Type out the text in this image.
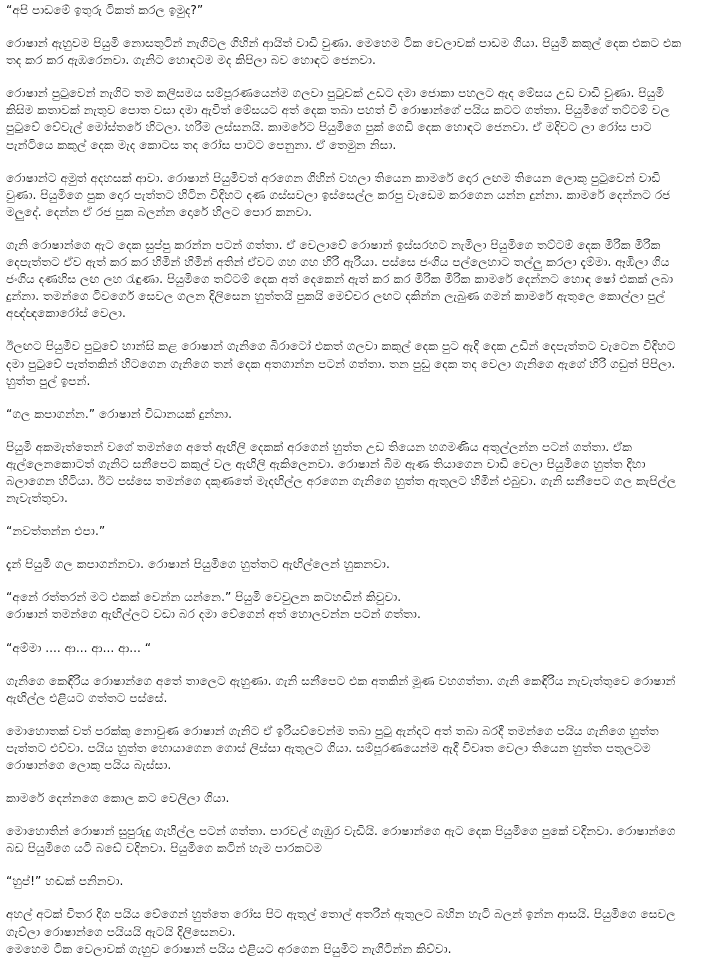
“අපි පාඩමේ ඉතුරු ටිකත් කරල ඉමුද?”

රොෂාන් ඇහුවම පියුමි නොසතුටින් නැගිටල ගිහින් ආයිත් වාඩි වුණා. මෙහෙම ටික වෙලාවක් පාඩම ගියා. පියුමි කකුල් දෙක එකට එක තද කර කර ඇඹරෙනවා. ගැනිට හොඳටම මද කිපිලා බව හොඳට ජෙනවා.

රොෂාන් පුටුවෙන් නැගිට තම කලිසමය සම්පූරණයෙන්ම ගලවා පුටුවක් උඩට දමා ජොකා පහලට ඇද මේසය උඩ වාඩි වුණා. පියුමි කිසිම කතාවක් නැතුව පොත වසා දමා ඇවිත් මේසයට අත් දෙක තබා පහත් වී රොෂාන්ගේ පයිය කටට ගත්තා. පියුමිගේ තට්ටම් වල පුටුවේ වේවැල් මෝස්තරේ හිටලා. හරිම ලස්සනයි. කාමරේට පියුමිගෙ පුක් ගෙඩි දෙක හොඳට ජෙනවා. ඒ මදිවට ලා රෝස පාට පැන්ටියෙ කකුල් දෙක මැද කොටස තද රෝස පාටට පෙනුනා. ඒ තෙමුන නිසා.

රොෂාන්ට අමුත් අදහසක් ආවා. රොෂාන් පියුමිවත් අරගෙන ගිහින් වහලා තියෙන කාමරේ දොර ලඟම තියෙන ලොකු පුටුවෙන් වාඩි වුණා. පියුමිගෙ පුක දොර පැත්තට හිටින විදිහට දණ ගස්සවලා ඉස්සෙල්ල කරපු වැඩෙම කරගෙන යන්න දුන්නා. කාමරේ දෙන්නට රජ මලුදේ. දෙන්න ඒ රජ පුක බලන්න දොරේ හිලට පොර කනවා.

ගැනි රොෂාන්ගෙ ඇට දෙක සුප්පු කරන්න පටන් ගත්තා. ඒ වෙලාවේ රොෂාන් ඉස්සරහට නැමිලා පියුමිගෙ තට්ටම් දෙක මිරික මිරික දෙපැත්තට ඒව ඇත් කර කර හිමින් හිමින් අතින් ඒවට ගහ ගහ හිරි ඇරියා. පස්සෙ ජංගිය පල්ලෙහාට තල්ලු කරලා දැම්මා. ඈඹිලා ගිය ජංගිය දණහිස ලඟ ලහ රැඳුණා. පියුමිගෙ තට්ටම් දෙක අත් දෙකෙන් ඇත් කර කර මිරික මිරික කාමරේ දෙන්නට හොඳ ෂෝ එකක් ලබා දුන්නා. තමන්ගෙ ටිවර්ගෙ සෙවල ගලන දිලිසෙන හුත්තයි පුකයි මෙච්චර ලඟට දකින්න ලැබුණ ගමන් කාමරේ ඇතුලෙ කොල්ලා පුල් අඥ්ඥකොරෝස් වෙලා.

ඊලඟට පියුමිව පුටුවේ හාන්සි කළ රොෂාන් ගැනිගෙ බිරාටෝ එකත් ගලවා කකුල් දෙක පුට ඇදි දෙක උඩින් දෙපැත්තට වැටෙන විදිහට දමා පුටුවේ පැත්තකින් හිටගෙන ගැනිගෙ තන් දෙක අතගාන්න පටන් ගත්තා. තන පුඩු දෙක තද වෙලා ගැනිගෙ ඇගේ හිරි ගඩුත් පිපිලා. හුත්ත පුල් ඉපන්.

“ගල කපාගන්න.” රොෂාන් විධානයක් දුන්නා.

පියුමි අකමැත්තෙන් වගේ තමන්ගෙ අතේ ඇඟිලි දෙකක් අරගෙන් හුත්ත උඩ තියෙන හගමණිය අතුල්ලන්න පටන් ගත්තා. ඒක ඇල්ලෙනකොටත් ගැනිට සනීපෙට කකුල් වල ඇඟිලි ඇකිලෙනවා. රොෂාන් බිම ඇණ තියාගෙන වාඩි වෙලා පියුමිගෙ හුත්ත දිහා බලාගෙන හිටියා. ඊට පස්සෙ තමන්ගෙ දකුණතේ මැදඟිල්ල අරගෙන ගැනිගෙ හුත්ත ඇතුලට හිමින් එබුවා. ගැනි සනීපෙට ගල කැපිල්ල නැවැත්තුවා.

“නවත්තන්න එපා.”

දැන් පියුමි ගල කපාගන්නවා. රොෂාන් පියුමිගෙ හුත්තට ඇඟිල්ලෙන් හුකනවා.

“අනේ රත්තරන් මට එකක් වෙන්න යන්නෙ.” පියුමි වෙවුලන කටහඬින් කිවුවා.

රොෂාන් තමන්ගෙ ඇඟිල්ලට වඩා බර දමා වේගෙන් අත් හොලවන්න පටන් ගත්තා.

“අම්මා .... ආ... ආ... ආ... “

ගැනිගෙ කෙඳිරිය රොෂාන්ගෙ අතේ තාලෙට ඇහුණා. ගැනි සනීපෙට එක අතකින් මූණ වහගත්තා. ගැනි කෙඳිරිය නැවැත්තුවෙ රොෂාන් ඇඟිල්ල එළියට ගත්තට පස්සේ.

මොහොතක් වත් පරක්කු නොවුණ රොෂාන් ගැනිට ඒ ඉරියව්වෙන්ම තබා පුටු ඇන්දට අත් තබා බරදී තමන්ගෙ පයිය ගැනිගෙ හුත්ත පැත්තට එව්වා. පයිය හුත්ත හොයාගෙන ගොස් ලිස්සා ඇතුලට ගියා. සම්පූරණයෙන්ම ඇදී විවෘත වෙලා තියෙන හුත්ත පතුලටම රොෂාන්ගෙ ලොකු පයිය බැස්සා.

කාමරේ දෙන්නගෙ කොල කට වෙලිලා ගියා.

මොහොතින් රොෂාන් සුපුරුදු ගැහිල්ල පටන් ගත්තා. පාරවල් ගැඹුර වැඩියි. රොෂාන්ගෙ ඇට දෙක පියුමිගෙ පුකේ වදිනවා. රොෂාන්ගෙ බඩ පියුමිගෙ යටි බඩේ වදිනවා. පියුමිගෙ කටින් හැම පාරකටම

“හුප්!” හඬක් පනිනවා.

අහල් අටක් විතර දිග පයිය වේගෙන් හුත්තෙ රෝස පිට ඇතුල් තොල් අතරින් ඇතුලට බහින හැටි බලන් ඉන්න ආසයි. පියුමිගෙ සෙවල ගැව්ලා රොෂාන්ගෙ පයියයි ඇටයි දිලිසෙනවා.

මෙහෙම ටික වෙලාවක් ගැහුව රොෂාන් පයිය එළියට අරගෙන පියුමිට නැගිටින්න කිව්වා.
